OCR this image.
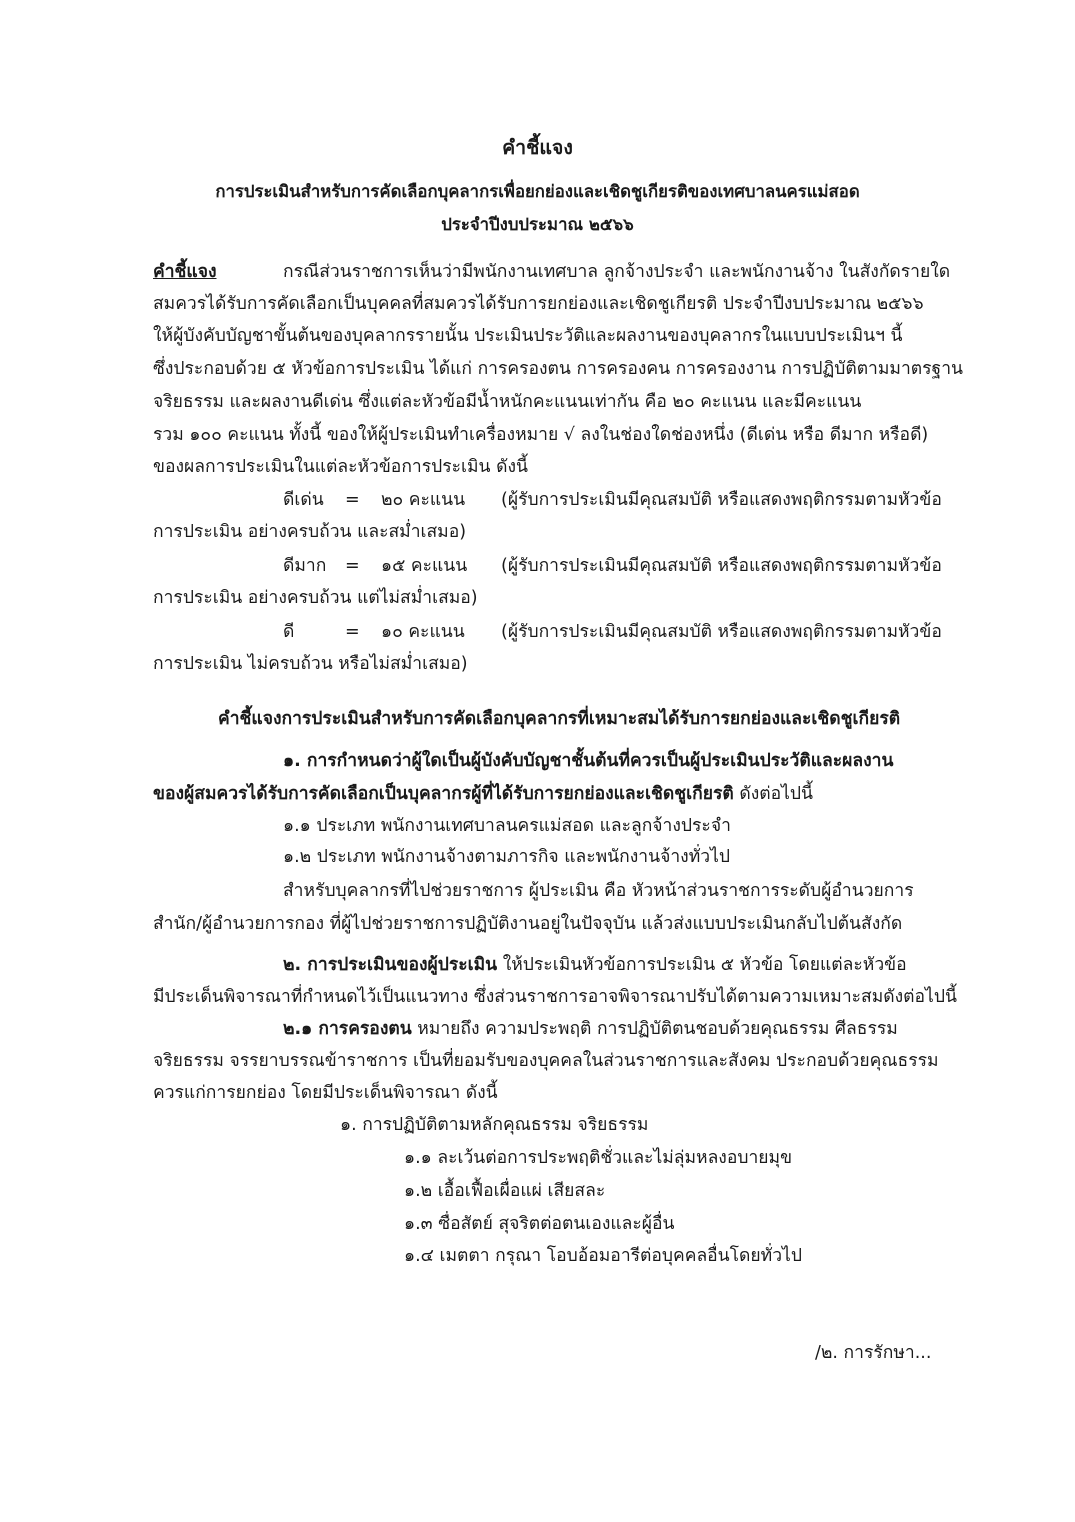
คำชี้แจง
การประเมินสำหรับการคัดเลือกบุคลากรเพื่อยกย่องและเชิดชูเกียรติของเทศบาลนครแม่สอด
ประจำปีงบประมาณ ๒๕๖๖
คำชี้แจง	กรณีส่วนราชการเห็นว่ามีพนักงานเทศบาล ลูกจ้างประจำ และพนักงานจ้าง ในสังกัดรายใด
สมควรได้รับการคัดเลือกเป็นบุคคลที่สมควรได้รับการยกย่องและเชิดชูเกียรติ ประจำปีงบประมาณ ๒๕๖๖
ให้ผู้บังคับบัญชาขั้นต้นของบุคลากรรายนั้น ประเมินประวัติและผลงานของบุคลากรในแบบประเมินฯ นี้
ซึ่งประกอบด้วย ๕ หัวข้อการประเมิน ได้แก่ การครองตน การครองคน การครองงาน การปฏิบัติตามมาตรฐาน
จริยธรรม และผลงานดีเด่น ซึ่งแต่ละหัวข้อมีน้ำหนักคะแนนเท่ากัน คือ ๒๐ คะแนน และมีคะแนน
รวม ๑๐๐ คะแนน ทั้งนี้ ของให้ผู้ประเมินทำเครื่องหมาย √ ลงในช่องใดช่องหนึ่ง (ดีเด่น หรือ ดีมาก หรือดี)
ของผลการประเมินในแต่ละหัวข้อการประเมิน ดังนี้
ดีเด่น = ๒๐ คะแนน (ผู้รับการประเมินมีคุณสมบัติ หรือแสดงพฤติกรรมตามหัวข้อ
การประเมิน อย่างครบถ้วน และสม่ำเสมอ)
ดีมาก = ๑๕ คะแนน (ผู้รับการประเมินมีคุณสมบัติ หรือแสดงพฤติกรรมตามหัวข้อ
การประเมิน อย่างครบถ้วน แต่ไม่สม่ำเสมอ)
ดี	= ๑๐ คะแนน (ผู้รับการประเมินมีคุณสมบัติ หรือแสดงพฤติกรรมตามหัวข้อ
การประเมิน ไม่ครบถ้วน หรือไม่สม่ำเสมอ)
คำชี้แจงการประเมินสำหรับการคัดเลือกบุคลากรที่เหมาะสมได้รับการยกย่องและเชิดชูเกียรติ
๑. การกำหนดว่าผู้ใดเป็นผู้บังคับบัญชาชั้นต้นที่ควรเป็นผู้ประเมินประวัติและผลงาน
ของผู้สมควรได้รับการคัดเลือกเป็นบุคลากรผู้ที่ได้รับการยกย่องและเชิดชูเกียรติ ดังต่อไปนี้
๑.๑ ประเภท พนักงานเทศบาลนครแม่สอด และลูกจ้างประจำ
๑.๒ ประเภท พนักงานจ้างตามภารกิจ และพนักงานจ้างทั่วไป
สำหรับบุคลากรที่ไปช่วยราชการ ผู้ประเมิน คือ หัวหน้าส่วนราชการระดับผู้อำนวยการ
สำนัก/ผู้อำนวยการกอง ที่ผู้ไปช่วยราชการปฏิบัติงานอยู่ในปัจจุบัน แล้วส่งแบบประเมินกลับไปต้นสังกัด
๒. การประเมินของผู้ประเมิน ให้ประเมินหัวข้อการประเมิน ๕ หัวข้อ โดยแต่ละหัวข้อ
มีประเด็นพิจารณาที่กำหนดไว้เป็นแนวทาง ซึ่งส่วนราชการอาจพิจารณาปรับได้ตามความเหมาะสมดังต่อไปนี้
๒.๑ การครองตน หมายถึง ความประพฤติ การปฏิบัติตนชอบด้วยคุณธรรม ศีลธรรม
จริยธรรม จรรยาบรรณข้าราชการ เป็นที่ยอมรับของบุคคลในส่วนราชการและสังคม ประกอบด้วยคุณธรรม
ควรแก่การยกย่อง โดยมีประเด็นพิจารณา ดังนี้
๑. การปฏิบัติตามหลักคุณธรรม จริยธรรม
๑.๑ ละเว้นต่อการประพฤติชั่วและไม่ลุ่มหลงอบายมุข
๑.๒ เอื้อเฟื้อเผื่อแผ่ เสียสละ
๑.๓ ซื่อสัตย์ สุจริตต่อตนเองและผู้อื่น
๑.๔ เมตตา กรุณา โอบอ้อมอารีต่อบุคคลอื่นโดยทั่วไป
/๒. การรักษา...
